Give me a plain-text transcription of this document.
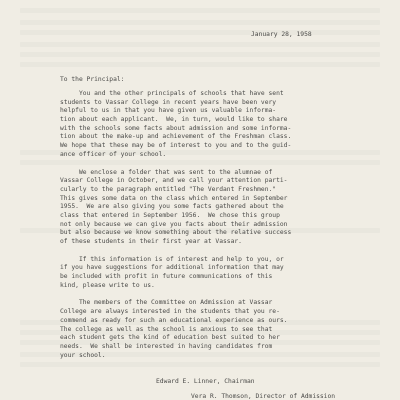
January 28, 1958
To the Principal:
You and the other principals of schools that have sent
students to Vassar College in recent years have been very
helpful to us in that you have given us valuable informa-
tion about each applicant.  We, in turn, would like to share
with the schools some facts about admission and some informa-
tion about the make-up and achievement of the Freshman class.
We hope that these may be of interest to you and to the guid-
ance officer of your school.
We enclose a folder that was sent to the alumnae of
Vassar College in October, and we call your attention parti-
cularly to the paragraph entitled "The Verdant Freshmen."
This gives some data on the class which entered in September
1955.  We are also giving you some facts gathered about the
class that entered in September 1956.  We chose this group
not only because we can give you facts about their admission
but also because we know something about the relative success
of these students in their first year at Vassar.
If this information is of interest and help to you, or
if you have suggestions for additional information that may
be included with profit in future communications of this
kind, please write to us.
The members of the Committee on Admission at Vassar
College are always interested in the students that you re-
commend as ready for such an educational experience as ours.
The college as well as the school is anxious to see that
each student gets the kind of education best suited to her
needs.  We shall be interested in having candidates from
your school.
Edward E. Linner, Chairman
Vera R. Thomson, Director of Admission
